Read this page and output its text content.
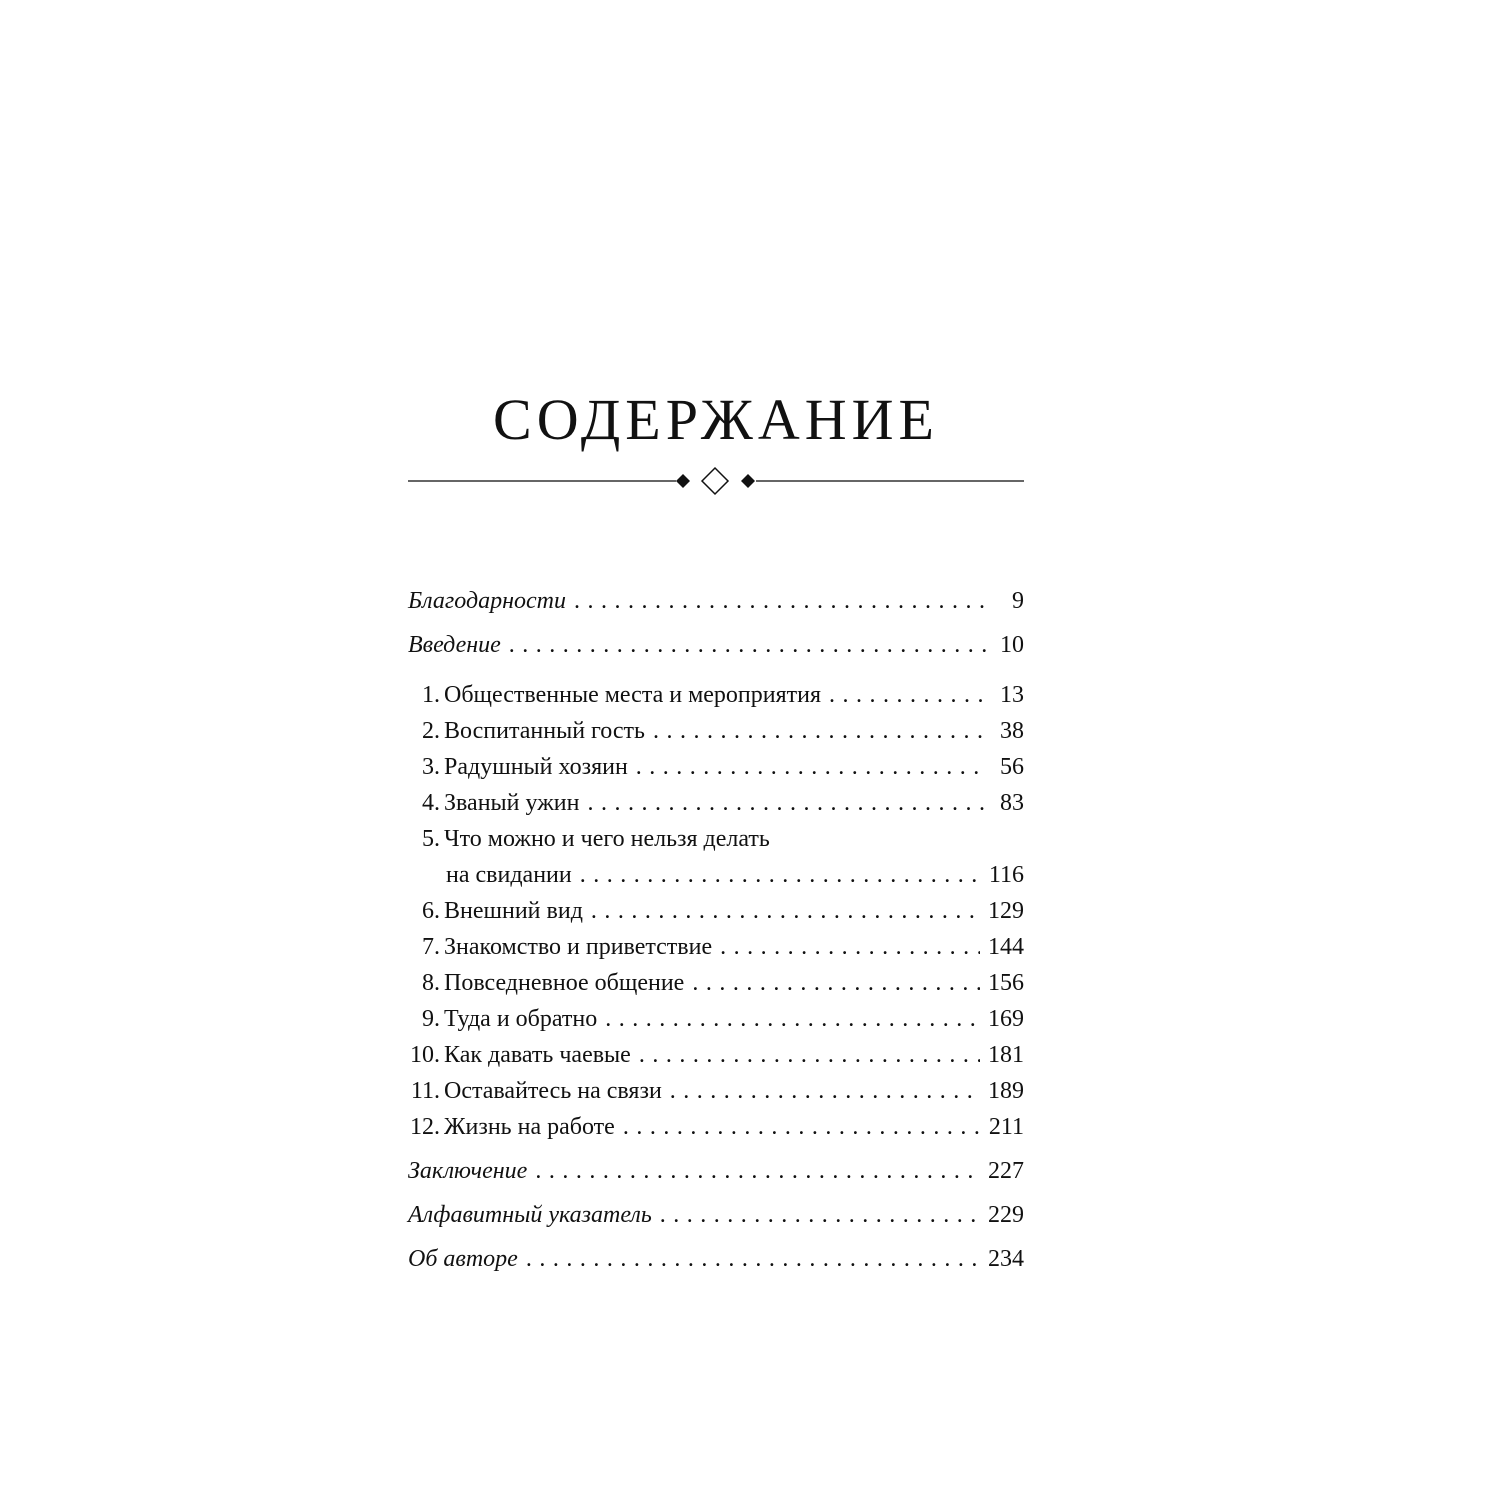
СОДЕРЖАНИЕ
Благодарности . . .	9
Введение . . .	10
1. Общественные места и мероприятия . . .	13
2. Воспитанный гость . . .	38
3. Радушный хозяин . . .	56
4. Званый ужин . . .	83
5. Что можно и чего нельзя делать
на свидании . . .	116
6. Внешний вид . . .	129
7. Знакомство и приветствие . . .	144
8. Повседневное общение . . .	156
9. Туда и обратно . . .	169
10. Как давать чаевые . . .	181
11. Оставайтесь на связи . . .	189
12. Жизнь на работе . . .	211
Заключение . . .	227
Алфавитный указатель . . .	229
Об авторе . . .	234
